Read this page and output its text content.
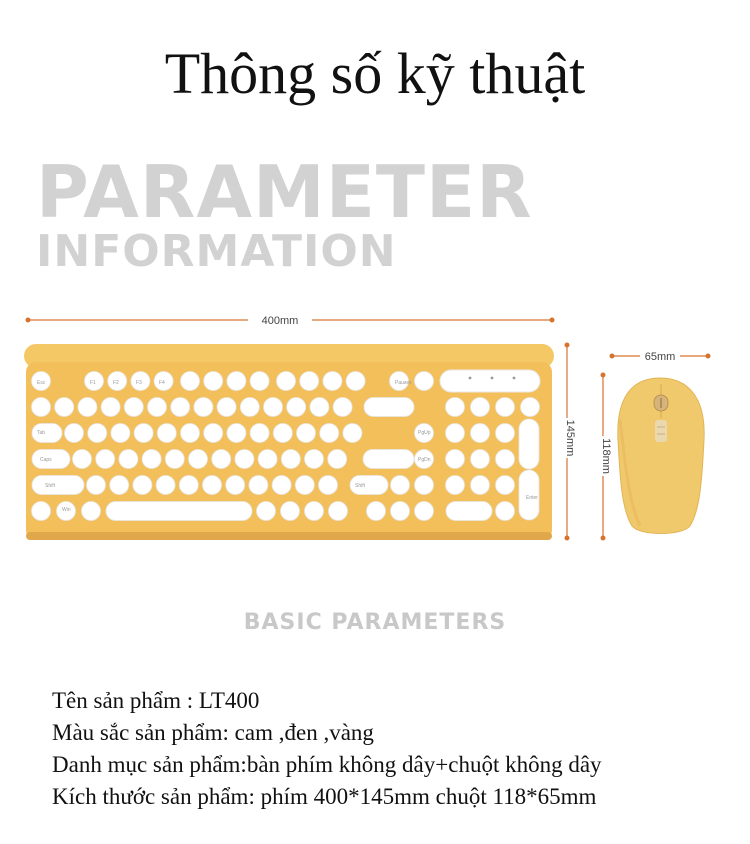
Thông số kỹ thuật
PARAMETER
INFORMATION
400mm
145mm
Esc	F1	F2	F3	F4	Pauses
Tab
Caps
Shift	Shift
PgUp
PgDn
Enter
Win
65mm
118mm
BASIC PARAMETERS
Tên sản phẩm : LT400
Màu sắc sản phẩm: cam ,đen ,vàng
Danh mục sản phẩm:bàn phím không dây+chuột không dây
Kích thước sản phẩm: phím 400*145mm chuột 118*65mm
